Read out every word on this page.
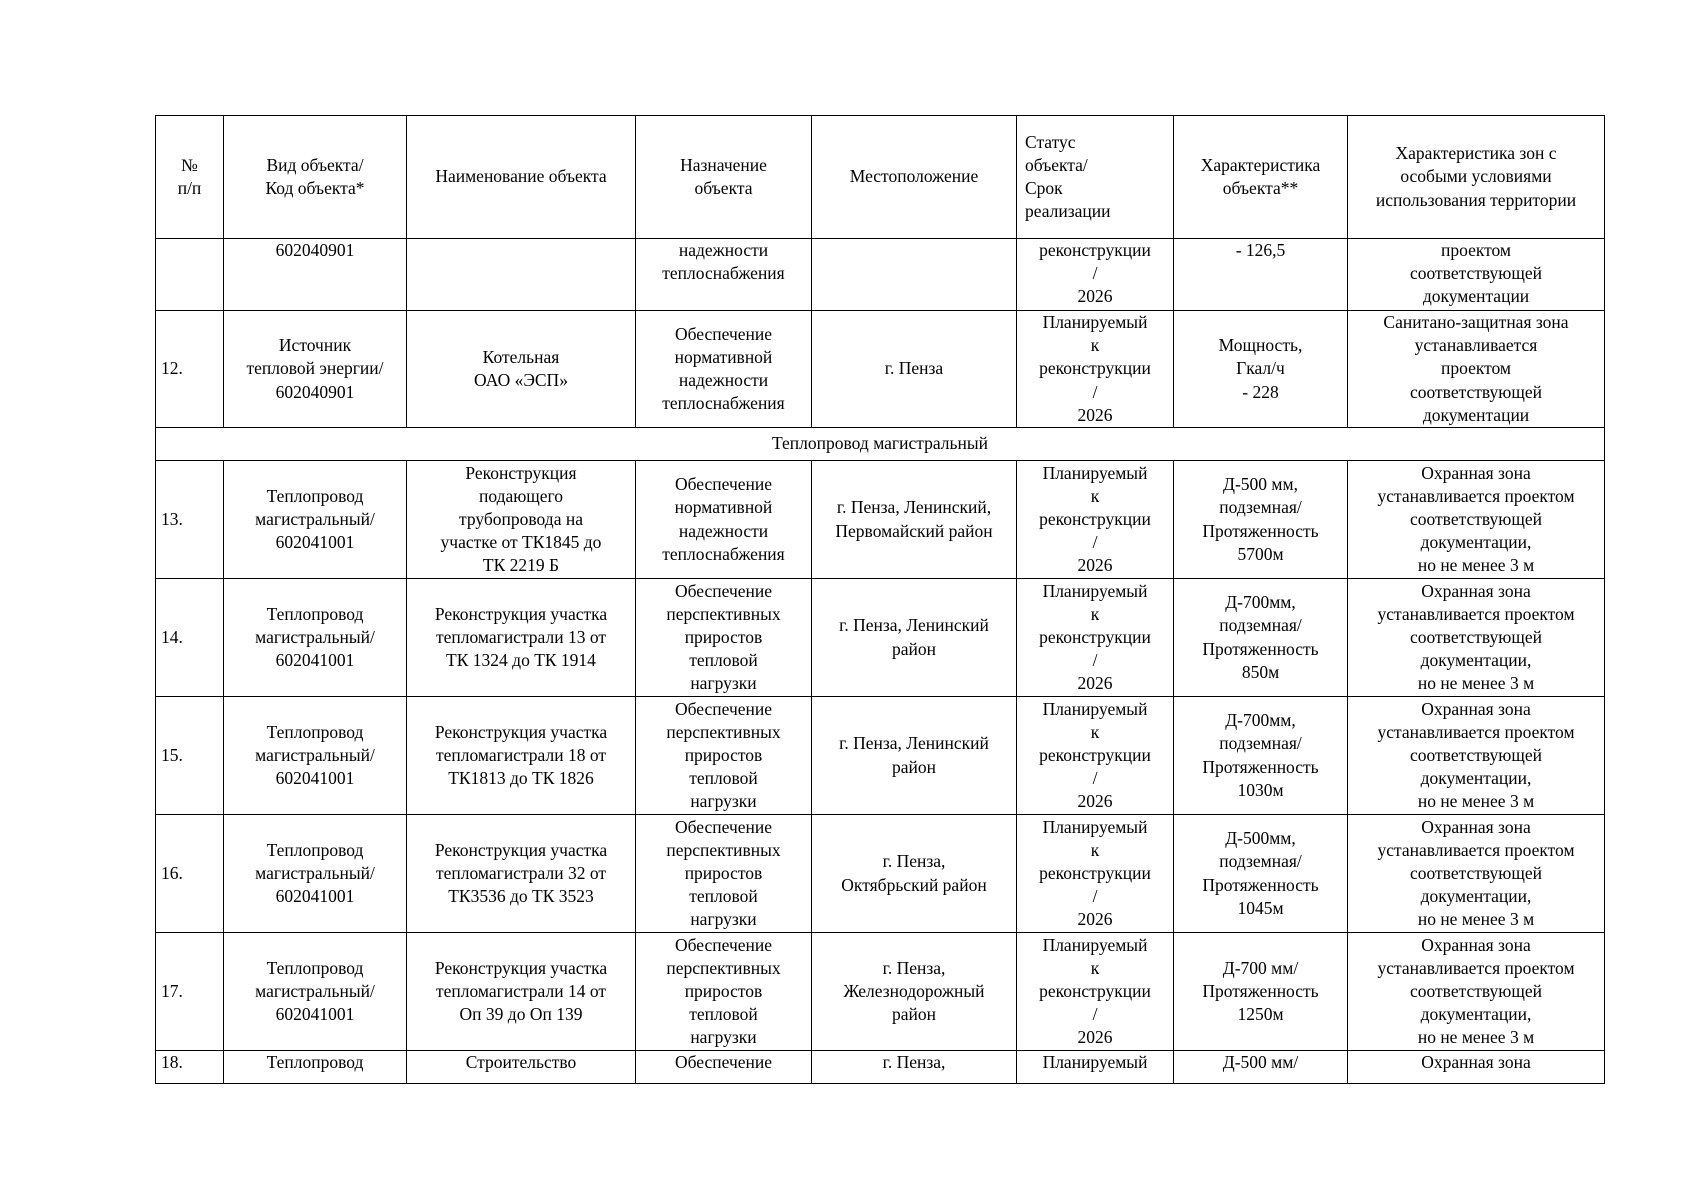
№
п/п	Вид объекта/
Код объекта*	Наименование объекта	Назначение
объекта	Местоположение	Статус
объекта/
Срок
реализации	Характеристика
объекта**	Характеристика зон с
особыми условиями
использования территории
	602040901		надежности
теплоснабжения		реконструкции
/
2026	- 126,5	проектом
соответствующей
документации
12.	Источник
тепловой энергии/
602040901	Котельная
ОАО «ЭСП»	Обеспечение
нормативной
надежности
теплоснабжения	г. Пенза	Планируемый
к
реконструкции
/
2026	Мощность,
Гкал/ч
- 228	Санитано-защитная зона
устанавливается
проектом
соответствующей
документации
Теплопровод магистральный							
13.	Теплопровод
магистральный/
602041001	Реконструкция
подающего
трубопровода на
участке от ТК1845 до
ТК 2219 Б	Обеспечение
нормативной
надежности
теплоснабжения	г. Пенза, Ленинский,
Первомайский район	Планируемый
к
реконструкции
/
2026	Д-500 мм,
подземная/
Протяженность
5700м	Охранная зона
устанавливается проектом
соответствующей
документации,
но не менее 3 м
14.	Теплопровод
магистральный/
602041001	Реконструкция участка
тепломагистрали 13 от
ТК 1324 до ТК 1914	Обеспечение
перспективных
приростов
тепловой
нагрузки	г. Пенза, Ленинский
район	Планируемый
к
реконструкции
/
2026	Д-700мм,
подземная/
Протяженность
850м	Охранная зона
устанавливается проектом
соответствующей
документации,
но не менее 3 м
15.	Теплопровод
магистральный/
602041001	Реконструкция участка
тепломагистрали 18 от
ТК1813 до ТК 1826	Обеспечение
перспективных
приростов
тепловой
нагрузки	г. Пенза, Ленинский
район	Планируемый
к
реконструкции
/
2026	Д-700мм,
подземная/
Протяженность
1030м	Охранная зона
устанавливается проектом
соответствующей
документации,
но не менее 3 м
16.	Теплопровод
магистральный/
602041001	Реконструкция участка
тепломагистрали 32 от
ТК3536 до ТК 3523	Обеспечение
перспективных
приростов
тепловой
нагрузки	г. Пенза,
Октябрьский район	Планируемый
к
реконструкции
/
2026	Д-500мм,
подземная/
Протяженность
1045м	Охранная зона
устанавливается проектом
соответствующей
документации,
но не менее 3 м
17.	Теплопровод
магистральный/
602041001	Реконструкция участка
тепломагистрали 14 от
Оп 39 до Оп 139	Обеспечение
перспективных
приростов
тепловой
нагрузки	г. Пенза,
Железнодорожный
район	Планируемый
к
реконструкции
/
2026	Д-700 мм/
Протяженность
1250м	Охранная зона
устанавливается проектом
соответствующей
документации,
но не менее 3 м
18.	Теплопровод	Строительство	Обеспечение	г. Пенза,	Планируемый	Д-500 мм/	Охранная зона
